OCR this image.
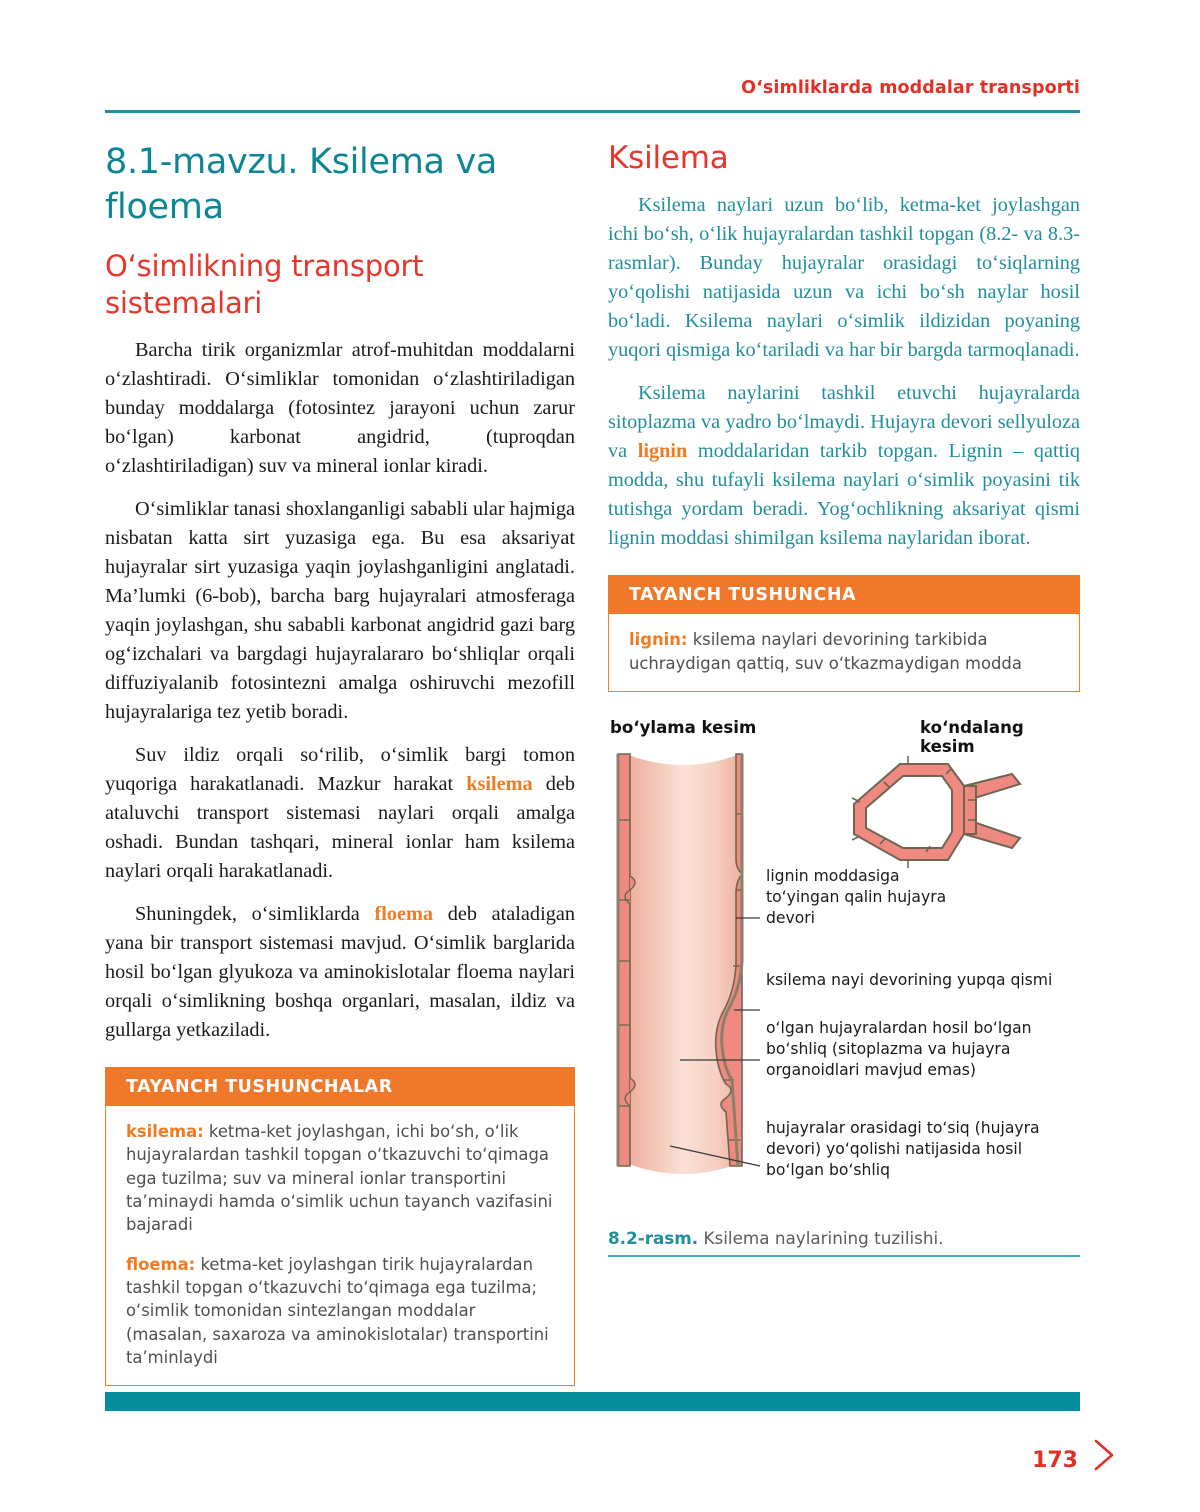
O‘simliklarda moddalar transporti
8.1-mavzu. Ksilema va floema
O‘simlikning transport sistemalari

Barcha tirik organizmlar atrof-muhitdan moddalarni o‘zlashtiradi. O‘simliklar tomonidan o‘zlashtiriladigan bunday moddalarga (fotosintez jarayoni uchun zarur bo‘lgan) karbonat angidrid, (tuproqdan o‘zlashtiriladigan) suv va mineral ionlar kiradi.

O‘simliklar tanasi shoxlanganligi sababli ular hajmiga nisbatan katta sirt yuzasiga ega. Bu esa aksariyat hujayralar sirt yuzasiga yaqin joylashganligini anglatadi. Ma’lumki (6-bob), barcha barg hujayralari atmosferaga yaqin joylashgan, shu sababli karbonat angidrid gazi barg og‘izchalari va bargdagi hujayralararo bo‘shliqlar orqali diffuziyalanib fotosintezni amalga oshiruvchi mezofill hujayralariga tez yetib boradi.

Suv ildiz orqali so‘rilib, o‘simlik bargi tomon yuqoriga harakatlanadi. Mazkur harakat ksilema deb ataluvchi transport sistemasi naylari orqali amalga oshadi. Bundan tashqari, mineral ionlar ham ksilema naylari orqali harakatlanadi.

Shuningdek, o‘simliklarda floema deb ataladigan yana bir transport sistemasi mavjud. O‘simlik barglarida hosil bo‘lgan glyukoza va aminokislotalar floema naylari orqali o‘simlikning boshqa organlari, masalan, ildiz va gullarga yetkaziladi.

TAYANCH TUSHUNCHALAR

ksilema: ketma-ket joylashgan, ichi bo‘sh, o‘lik hujayralardan tashkil topgan o‘tkazuvchi to‘qimaga ega tuzilma; suv va mineral ionlar transportini ta’minaydi hamda o‘simlik uchun tayanch vazifasini bajaradi

floema: ketma-ket joylashgan tirik hujayralardan tashkil topgan o‘tkazuvchi to‘qimaga ega tuzilma; o‘simlik tomonidan sintezlangan moddalar (masalan, saxaroza va aminokislotalar) transportini ta’minlaydi

Ksilema

Ksilema naylari uzun bo‘lib, ketma-ket joylashgan ichi bo‘sh, o‘lik hujayralardan tashkil topgan (8.2- va 8.3-rasmlar). Bunday hujayralar orasidagi to‘siqlarning yo‘qolishi natijasida uzun va ichi bo‘sh naylar hosil bo‘ladi. Ksilema naylari o‘simlik ildizidan poyaning yuqori qismiga ko‘tariladi va har bir bargda tarmoqlanadi.

Ksilema naylarini tashkil etuvchi hujayralarda sitoplazma va yadro bo‘lmaydi. Hujayra devori sellyuloza va lignin moddalaridan tarkib topgan. Lignin – qattiq modda, shu tufayli ksilema naylari o‘simlik poyasini tik tutishga yordam beradi. Yog‘ochlikning aksariyat qismi lignin moddasi shimilgan ksilema naylaridan iborat.

TAYANCH TUSHUNCHA

lignin: ksilema naylari devorining tarkibida uchraydigan qattiq, suv o‘tkazmaydigan modda

bo‘ylama kesim	ko‘ndalang kesim
lignin moddasiga to‘yingan qalin hujayra devori
ksilema nayi devorining yupqa qismi
o‘lgan hujayralardan hosil bo‘lgan bo‘shliq (sitoplazma va hujayra organoidlari mavjud emas)
hujayralar orasidagi to‘siq (hujayra devori) yo‘qolishi natijasida hosil bo‘lgan bo‘shliq
8.2-rasm. Ksilema naylarining tuzilishi.
173
